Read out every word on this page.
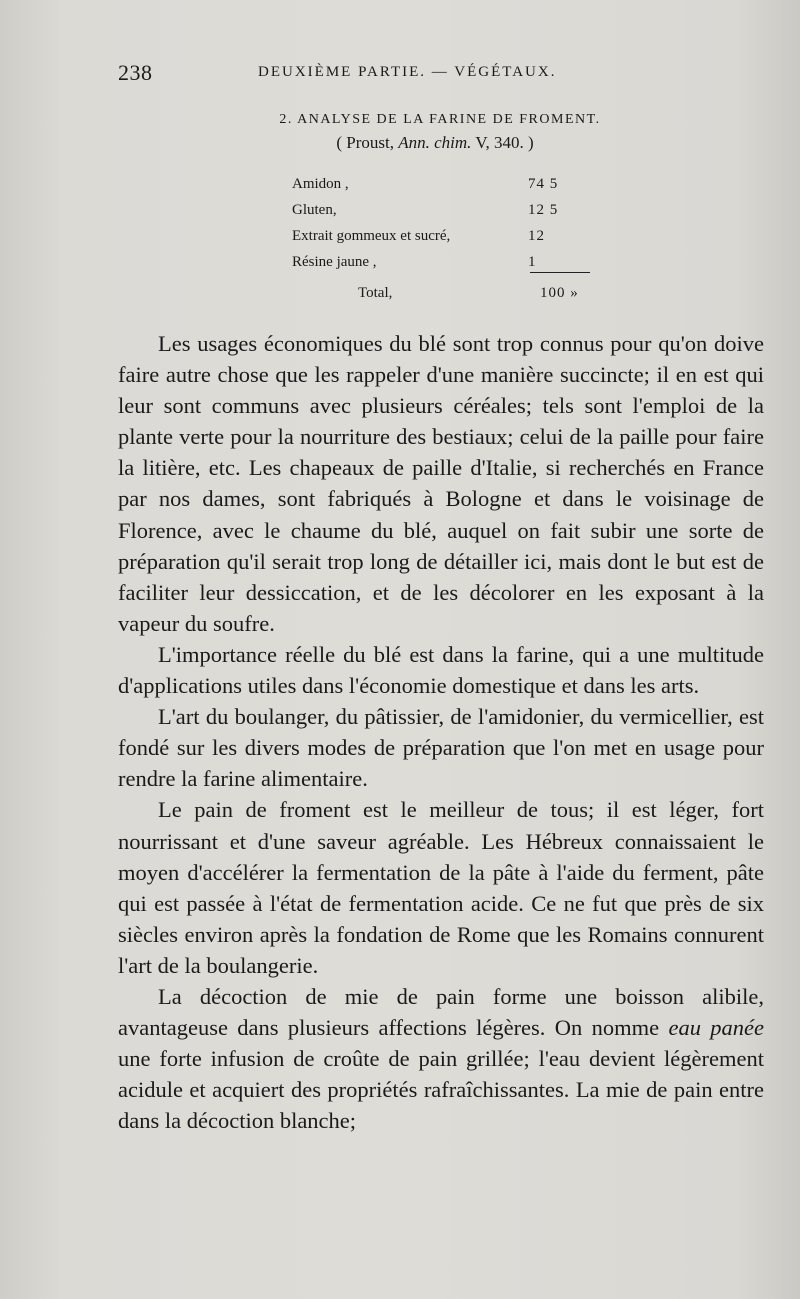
238	DEUXIÈME PARTIE. — VÉGÉTAUX.
2. ANALYSE DE LA FARINE DE FROMENT.
( Proust, Ann. chim. V, 340. )
Amidon ,	74 5
Gluten,	12 5
Extrait gommeux et sucré,	12
Résine jaune ,	1
Total,	100 »

Les usages économiques du blé sont trop connus pour qu'on doive faire autre chose que les rappeler d'une manière succincte; il en est qui leur sont communs avec plusieurs céréales; tels sont l'emploi de la plante verte pour la nourriture des bestiaux; celui de la paille pour faire la litière, etc. Les chapeaux de paille d'Italie, si recherchés en France par nos dames, sont fabriqués à Bologne et dans le voisinage de Florence, avec le chaume du blé, auquel on fait subir une sorte de préparation qu'il serait trop long de détailler ici, mais dont le but est de faciliter leur dessiccation, et de les décolorer en les exposant à la vapeur du soufre.

L'importance réelle du blé est dans la farine, qui a une multitude d'applications utiles dans l'économie domestique et dans les arts.

L'art du boulanger, du pâtissier, de l'amidonier, du vermicellier, est fondé sur les divers modes de préparation que l'on met en usage pour rendre la farine alimentaire.

Le pain de froment est le meilleur de tous; il est léger, fort nourrissant et d'une saveur agréable. Les Hébreux connaissaient le moyen d'accélérer la fermentation de la pâte à l'aide du ferment, pâte qui est passée à l'état de fermentation acide. Ce ne fut que près de six siècles environ après la fondation de Rome que les Romains connurent l'art de la boulangerie.

La décoction de mie de pain forme une boisson alibile, avantageuse dans plusieurs affections légères. On nomme eau panée une forte infusion de croûte de pain grillée; l'eau devient légèrement acidule et acquiert des propriétés rafraîchissantes. La mie de pain entre dans la décoction blanche;
